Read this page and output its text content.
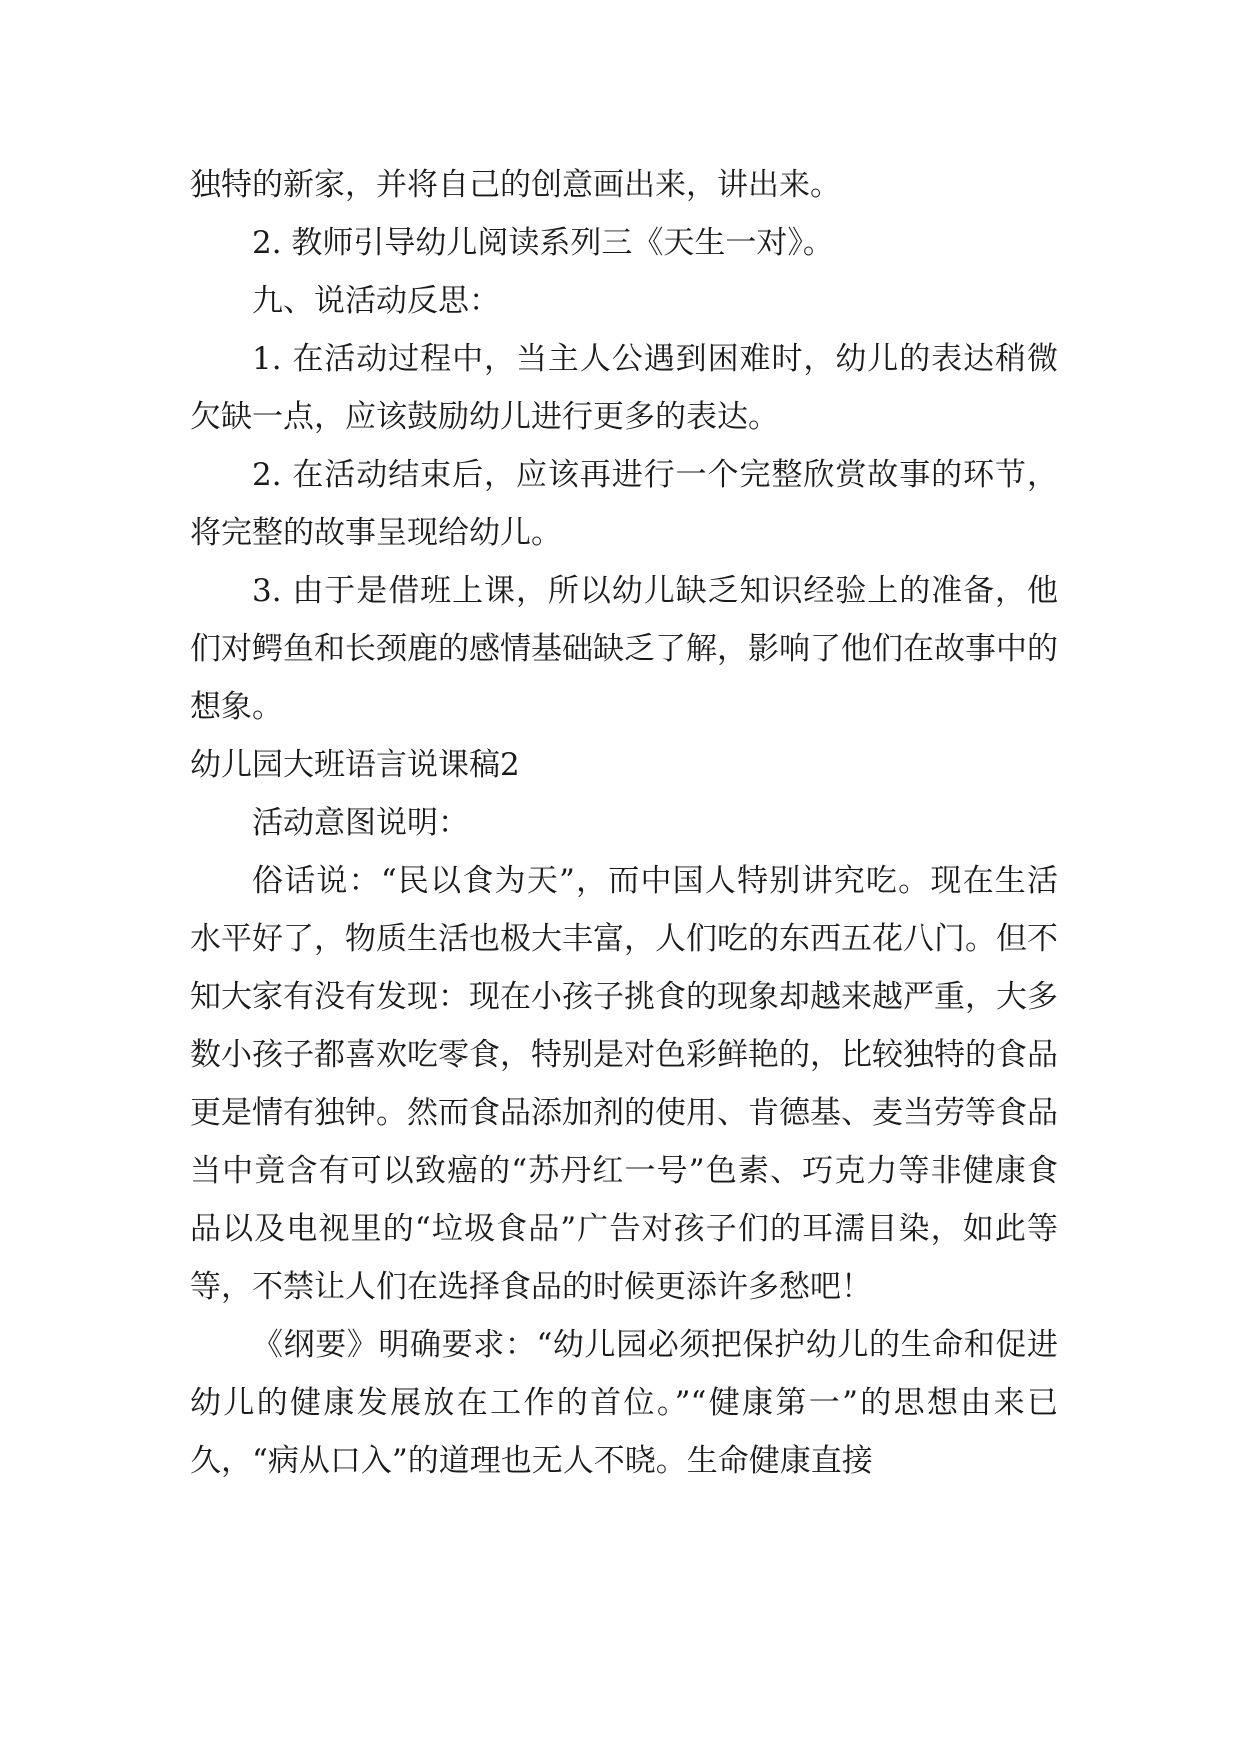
独特的新家，并将自己的创意画出来，讲出来。

2. 教师引导幼儿阅读系列三《天生一对》。

九、说活动反思：

1. 在活动过程中，当主人公遇到困难时，幼儿的表达稍微欠缺一点，应该鼓励幼儿进行更多的表达。

2. 在活动结束后，应该再进行一个完整欣赏故事的环节，将完整的故事呈现给幼儿。

3. 由于是借班上课，所以幼儿缺乏知识经验上的准备，他们对鳄鱼和长颈鹿的感情基础缺乏了解，影响了他们在故事中的想象。

幼儿园大班语言说课稿2

活动意图说明：

俗话说：“民以食为天”，而中国人特别讲究吃。现在生活水平好了，物质生活也极大丰富，人们吃的东西五花八门。但不知大家有没有发现：现在小孩子挑食的现象却越来越严重，大多数小孩子都喜欢吃零食，特别是对色彩鲜艳的，比较独特的食品更是情有独钟。然而食品添加剂的使用、肯德基、麦当劳等食品当中竟含有可以致癌的“苏丹红一号”色素、巧克力等非健康食品以及电视里的“垃圾食品”广告对孩子们的耳濡目染，如此等等，不禁让人们在选择食品的时候更添许多愁吧！

《纲要》明确要求：“幼儿园必须把保护幼儿的生命和促进幼儿的健康发展放在工作的首位。”“健康第一”的思想由来已久，“病从口入”的道理也无人不晓。生命健康直接
